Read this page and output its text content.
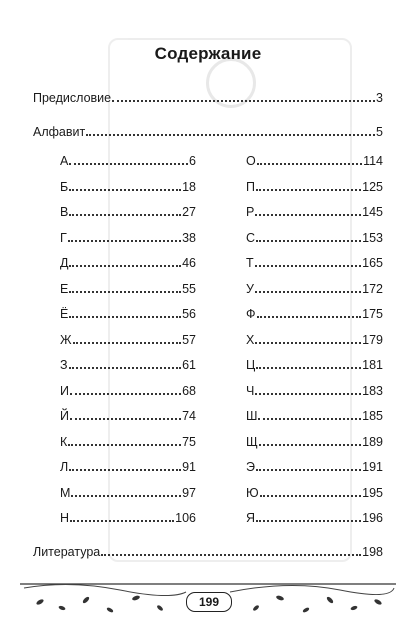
Содержание
Предисловие	3
Алфавит	5
А	6
Б	18
В	27
Г	38
Д	46
Е	55
Ё	56
Ж	57
З	61
И	68
Й	74
К	75
Л	91
М	97
Н	106
О	114
П	125
Р	145
С	153
Т	165
У	172
Ф	175
Х	179
Ц	181
Ч	183
Ш	185
Щ	189
Э	191
Ю	195
Я	196
Литература	198
199
